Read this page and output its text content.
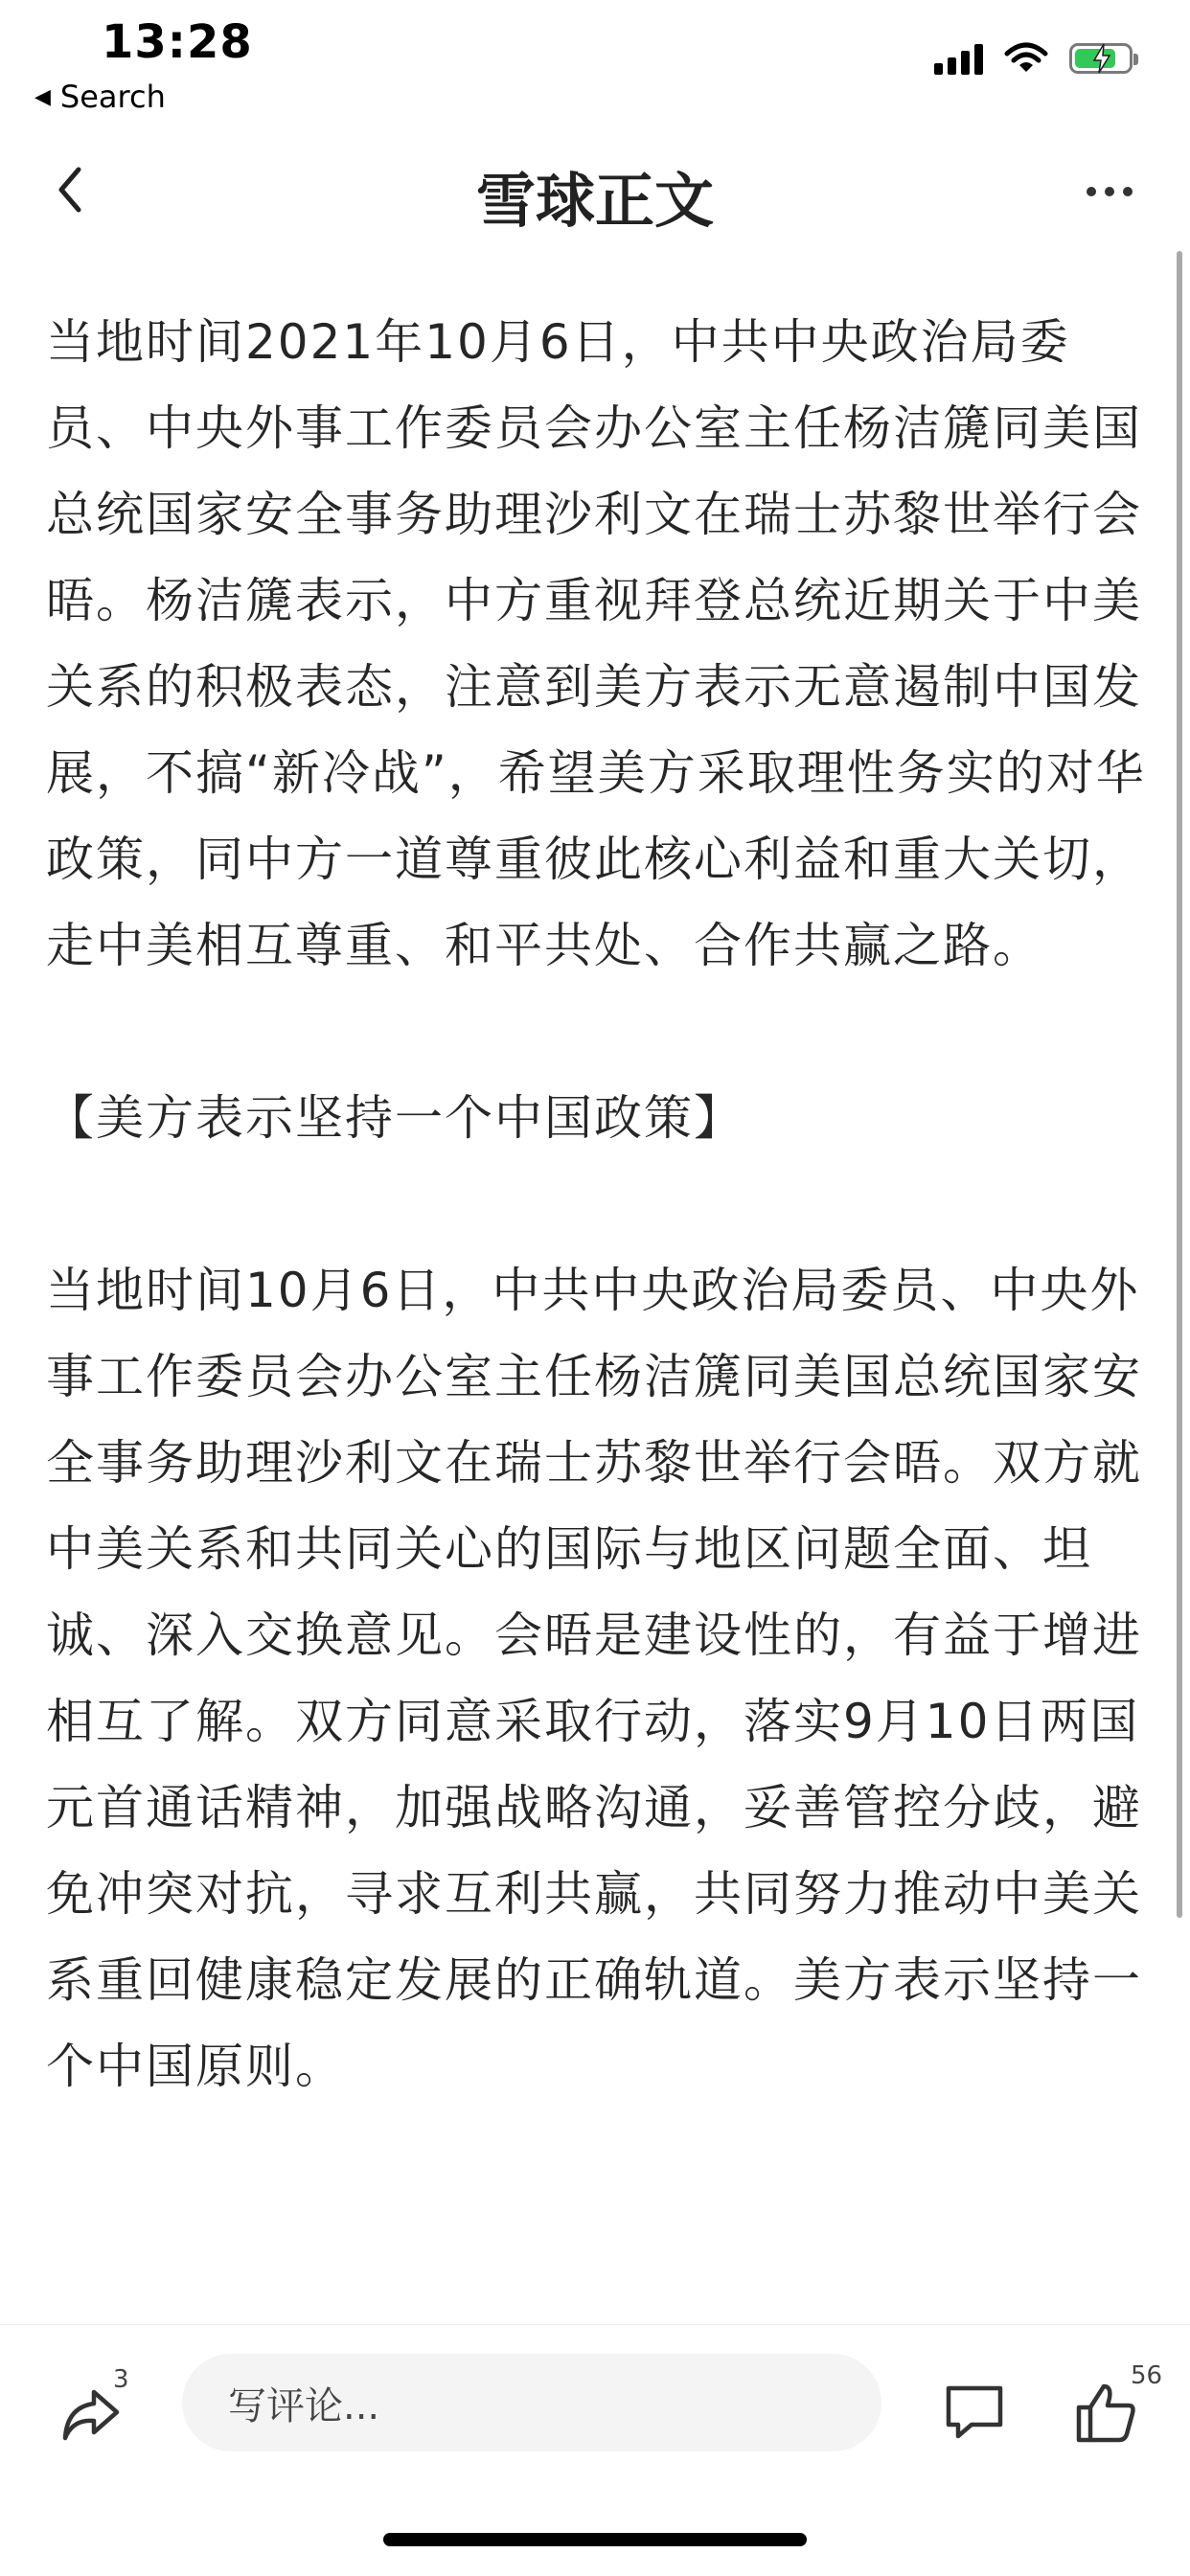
13:28
◀ Search
雪球正文

当地时间2021年10月6日，中共中央政治局委员、中央外事工作委员会办公室主任杨洁篪同美国总统国家安全事务助理沙利文在瑞士苏黎世举行会晤。杨洁篪表示，中方重视拜登总统近期关于中美关系的积极表态，注意到美方表示无意遏制中国发展，不搞“新冷战”，希望美方采取理性务实的对华政策，同中方一道尊重彼此核心利益和重大关切，走中美相互尊重、和平共处、合作共赢之路。

【美方表示坚持一个中国政策】

当地时间10月6日，中共中央政治局委员、中央外事工作委员会办公室主任杨洁篪同美国总统国家安全事务助理沙利文在瑞士苏黎世举行会晤。双方就中美关系和共同关心的国际与地区问题全面、坦诚、深入交换意见。会晤是建设性的，有益于增进相互了解。双方同意采取行动，落实9月10日两国元首通话精神，加强战略沟通，妥善管控分歧，避免冲突对抗，寻求互利共赢，共同努力推动中美关系重回健康稳定发展的正确轨道。美方表示坚持一个中国原则。

3
写评论...
56
